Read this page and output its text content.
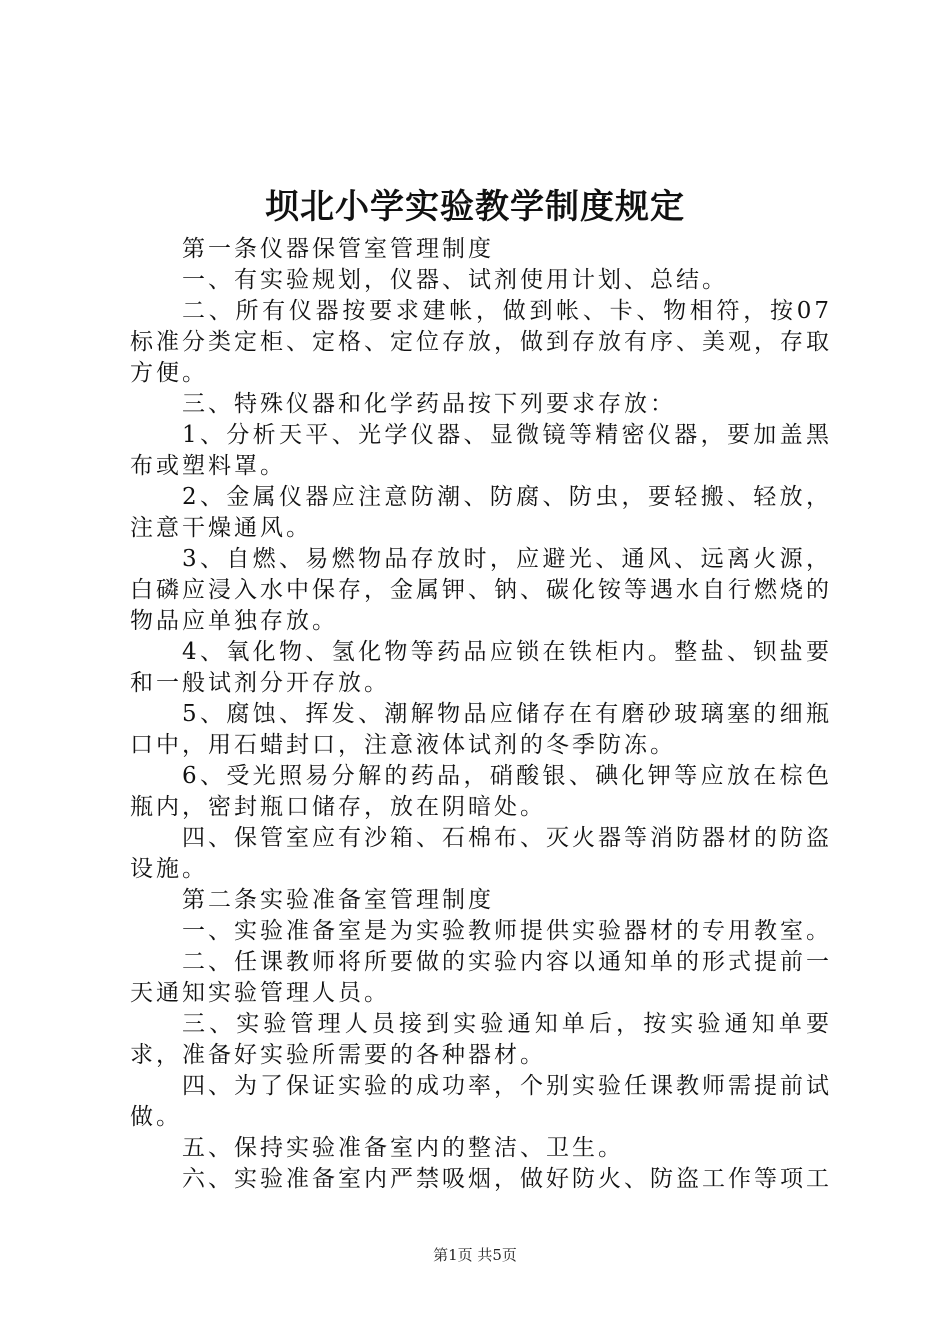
坝北小学实验教学制度规定

第一条仪器保管室管理制度

一、有实验规划，仪器、试剂使用计划、总结。

二、所有仪器按要求建帐，做到帐、卡、物相符，按07标准分类定柜、定格、定位存放，做到存放有序、美观，存取方便。

三、特殊仪器和化学药品按下列要求存放：

1、分析天平、光学仪器、显微镜等精密仪器，要加盖黑布或塑料罩。

2、金属仪器应注意防潮、防腐、防虫，要轻搬、轻放，注意干燥通风。

3、自燃、易燃物品存放时，应避光、通风、远离火源，白磷应浸入水中保存，金属钾、钠、碳化铵等遇水自行燃烧的物品应单独存放。

4、氧化物、氢化物等药品应锁在铁柜内。整盐、钡盐要和一般试剂分开存放。

5、腐蚀、挥发、潮解物品应储存在有磨砂玻璃塞的细瓶口中，用石蜡封口，注意液体试剂的冬季防冻。

6、受光照易分解的药品，硝酸银、碘化钾等应放在棕色瓶内，密封瓶口储存，放在阴暗处。

四、保管室应有沙箱、石棉布、灭火器等消防器材的防盗设施。

第二条实验准备室管理制度

一、实验准备室是为实验教师提供实验器材的专用教室。

二、任课教师将所要做的实验内容以通知单的形式提前一天通知实验管理人员。

三、实验管理人员接到实验通知单后，按实验通知单要求，准备好实验所需要的各种器材。

四、为了保证实验的成功率，个别实验任课教师需提前试做。

五、保持实验准备室内的整洁、卫生。

六、实验准备室内严禁吸烟，做好防火、防盗工作等项工

第1页 共5页
